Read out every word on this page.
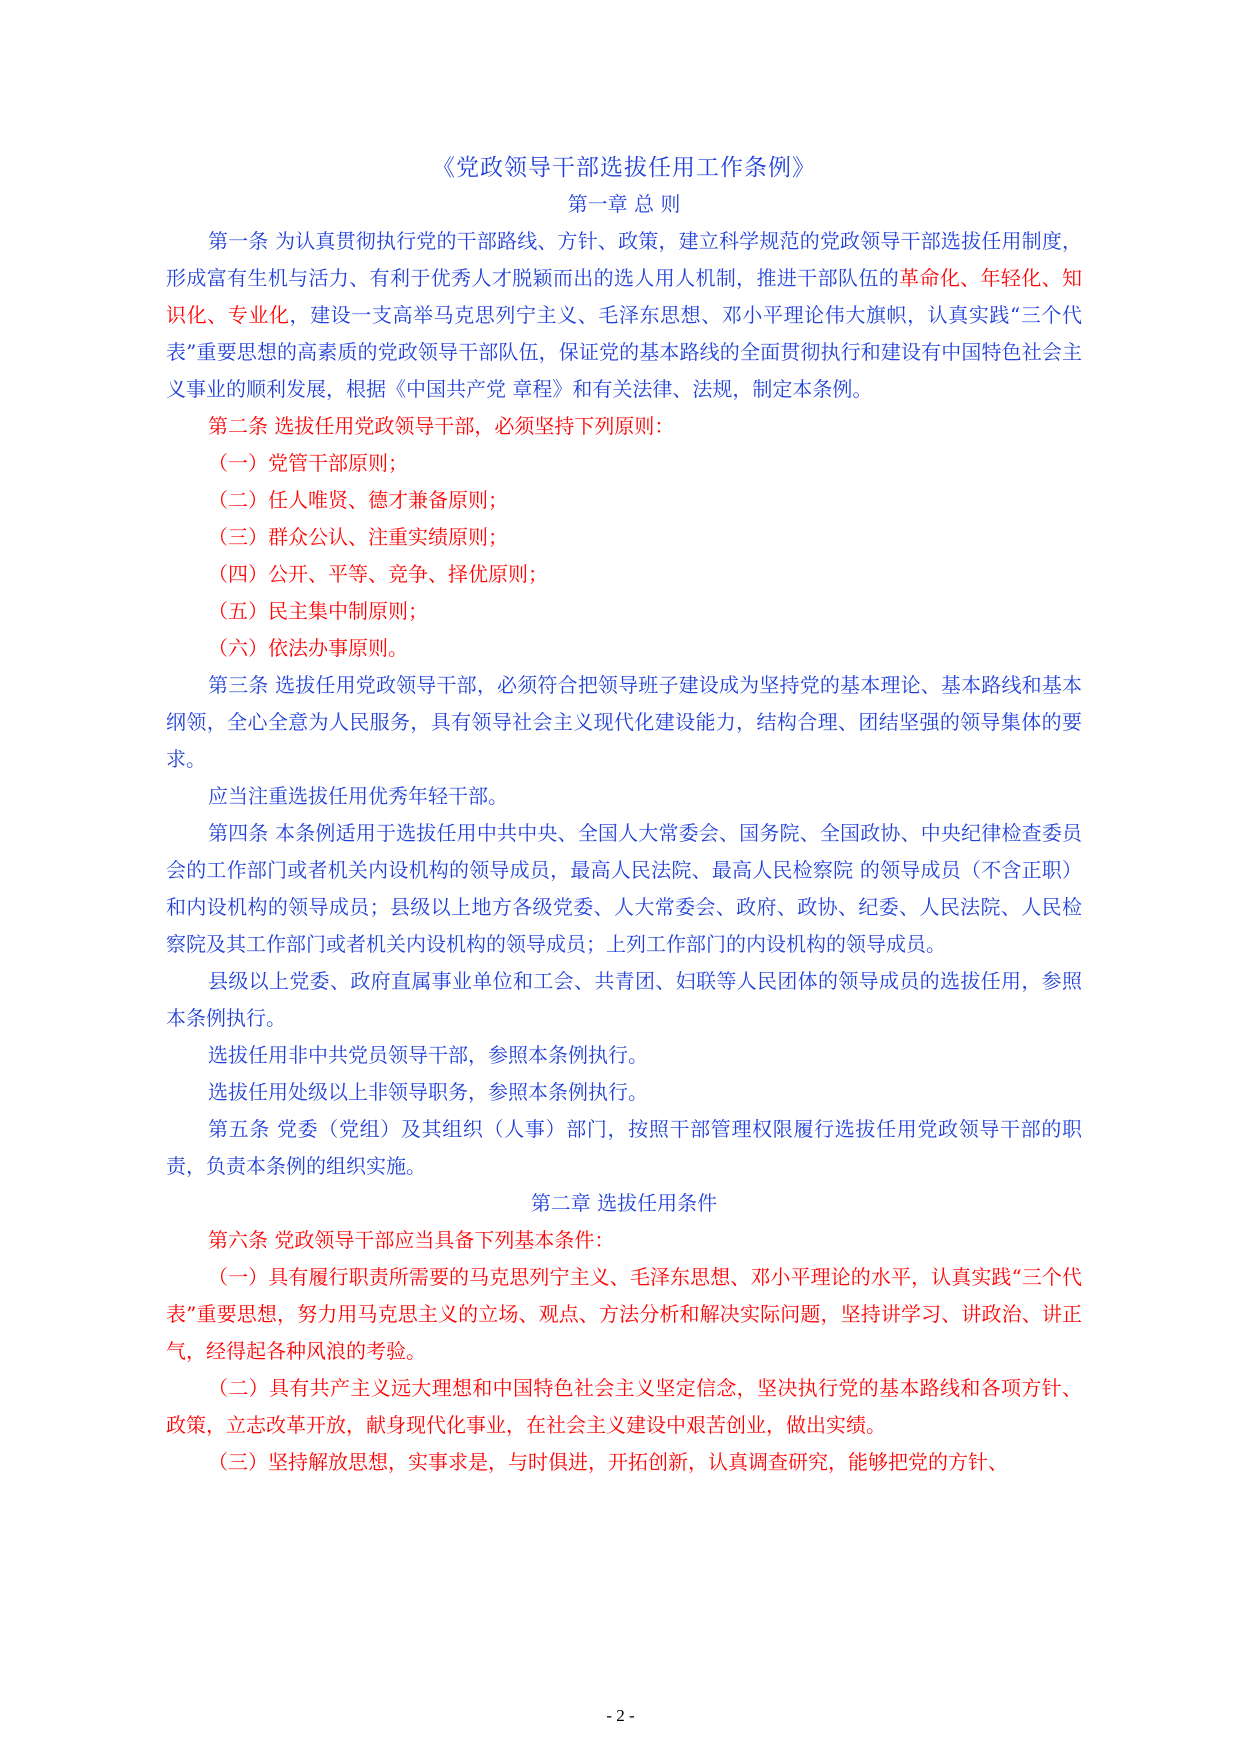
《党政领导干部选拔任用工作条例》
第一章 总 则

第一条 为认真贯彻执行党的干部路线、方针、政策，建立科学规范的党政领导干部选拔任用制度，形成富有生机与活力、有利于优秀人才脱颖而出的选人用人机制，推进干部队伍的革命化、年轻化、知识化、专业化，建设一支高举马克思列宁主义、毛泽东思想、邓小平理论伟大旗帜，认真实践“三个代表”重要思想的高素质的党政领导干部队伍，保证党的基本路线的全面贯彻执行和建设有中国特色社会主义事业的顺利发展，根据《中国共产党 章程》和有关法律、法规，制定本条例。

第二条 选拔任用党政领导干部，必须坚持下列原则：

（一）党管干部原则；

（二）任人唯贤、德才兼备原则；

（三）群众公认、注重实绩原则；

（四）公开、平等、竞争、择优原则；

（五）民主集中制原则；

（六）依法办事原则。

第三条 选拔任用党政领导干部，必须符合把领导班子建设成为坚持党的基本理论、基本路线和基本纲领，全心全意为人民服务，具有领导社会主义现代化建设能力，结构合理、团结坚强的领导集体的要求。

应当注重选拔任用优秀年轻干部。

第四条 本条例适用于选拔任用中共中央、全国人大常委会、国务院、全国政协、中央纪律检查委员会的工作部门或者机关内设机构的领导成员，最高人民法院、最高人民检察院 的领导成员（不含正职）和内设机构的领导成员；县级以上地方各级党委、人大常委会、政府、政协、纪委、人民法院、人民检察院及其工作部门或者机关内设机构的领导成员；上列工作部门的内设机构的领导成员。

县级以上党委、政府直属事业单位和工会、共青团、妇联等人民团体的领导成员的选拔任用，参照本条例执行。

选拔任用非中共党员领导干部，参照本条例执行。

选拔任用处级以上非领导职务，参照本条例执行。

第五条 党委（党组）及其组织（人事）部门，按照干部管理权限履行选拔任用党政领导干部的职责，负责本条例的组织实施。

第二章 选拔任用条件

第六条 党政领导干部应当具备下列基本条件：

（一）具有履行职责所需要的马克思列宁主义、毛泽东思想、邓小平理论的水平，认真实践“三个代表”重要思想，努力用马克思主义的立场、观点、方法分析和解决实际问题，坚持讲学习、讲政治、讲正气，经得起各种风浪的考验。

（二）具有共产主义远大理想和中国特色社会主义坚定信念，坚决执行党的基本路线和各项方针、政策，立志改革开放，献身现代化事业，在社会主义建设中艰苦创业，做出实绩。

（三）坚持解放思想，实事求是，与时俱进，开拓创新，认真调查研究，能够把党的方针、

- 2 -
